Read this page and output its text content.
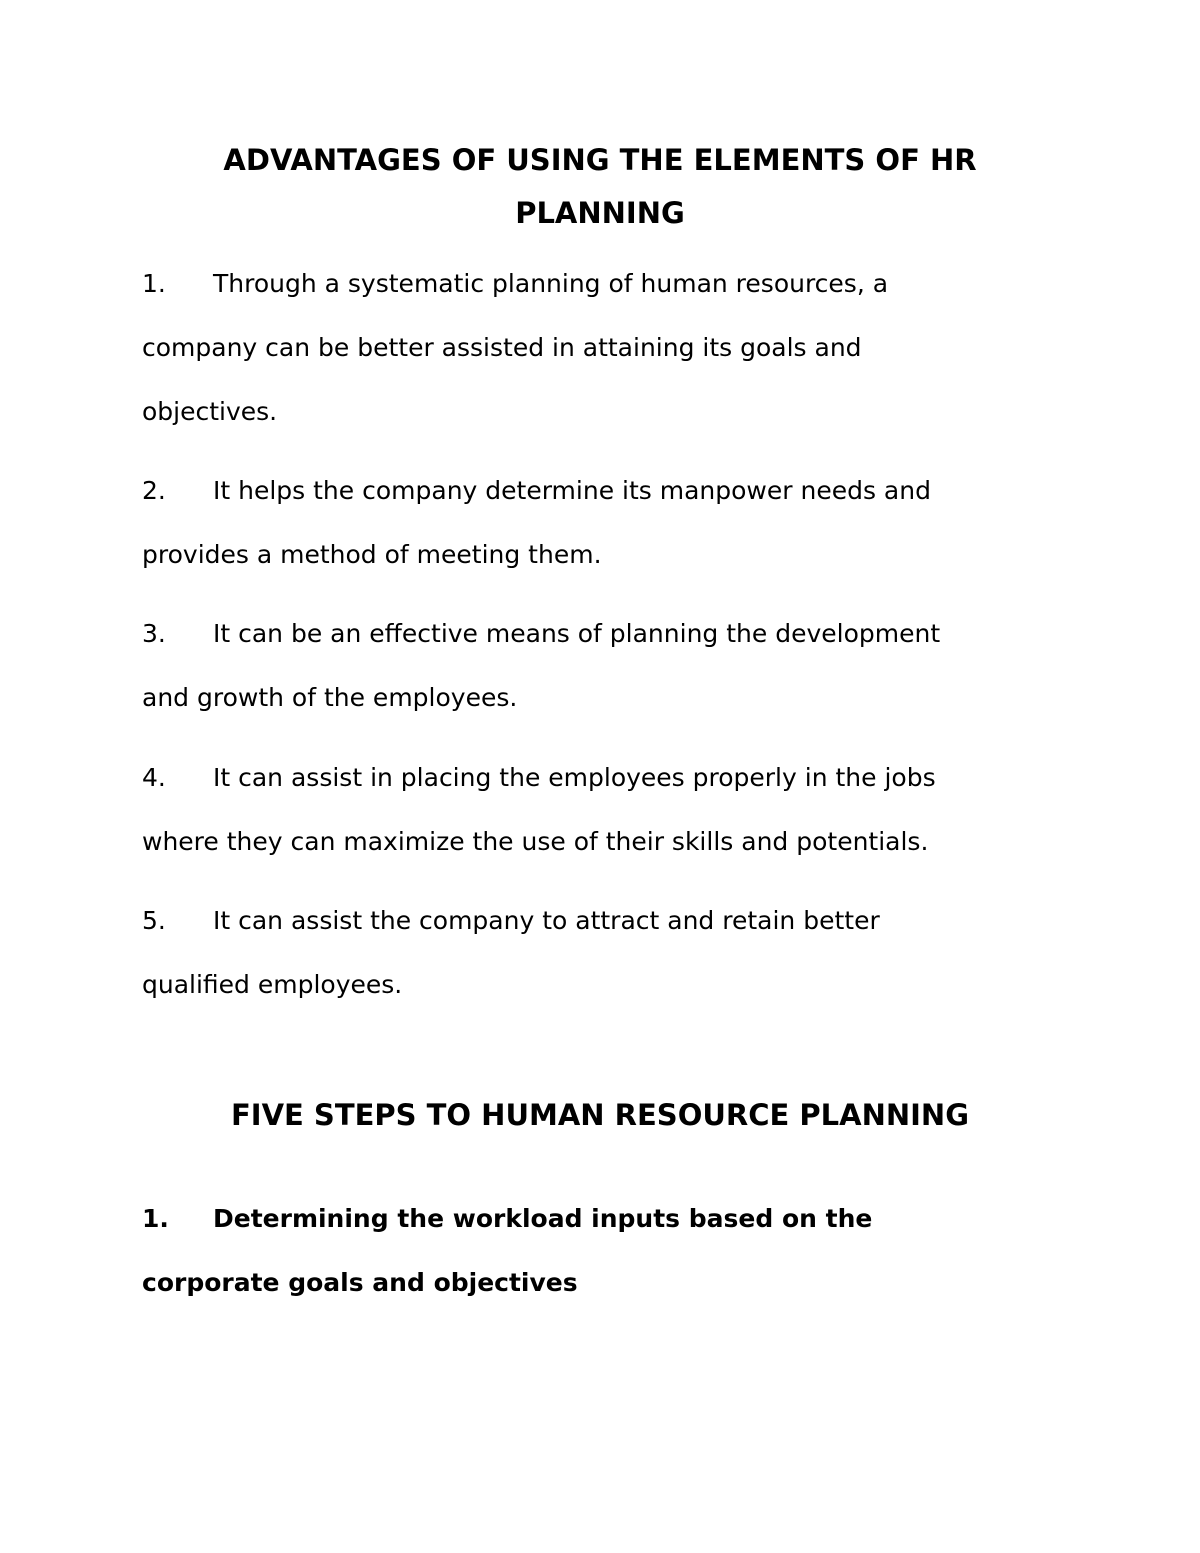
ADVANTAGES OF USING THE ELEMENTS OF HR
PLANNING

1. Through a systematic planning of human resources, a
company can be better assisted in attaining its goals and
objectives.

2. It helps the company determine its manpower needs and
provides a method of meeting them.

3. It can be an effective means of planning the development
and growth of the employees.

4. It can assist in placing the employees properly in the jobs
where they can maximize the use of their skills and potentials.

5. It can assist the company to attract and retain better
qualified employees.

FIVE STEPS TO HUMAN RESOURCE PLANNING

1. Determining the workload inputs based on the
corporate goals and objectives
